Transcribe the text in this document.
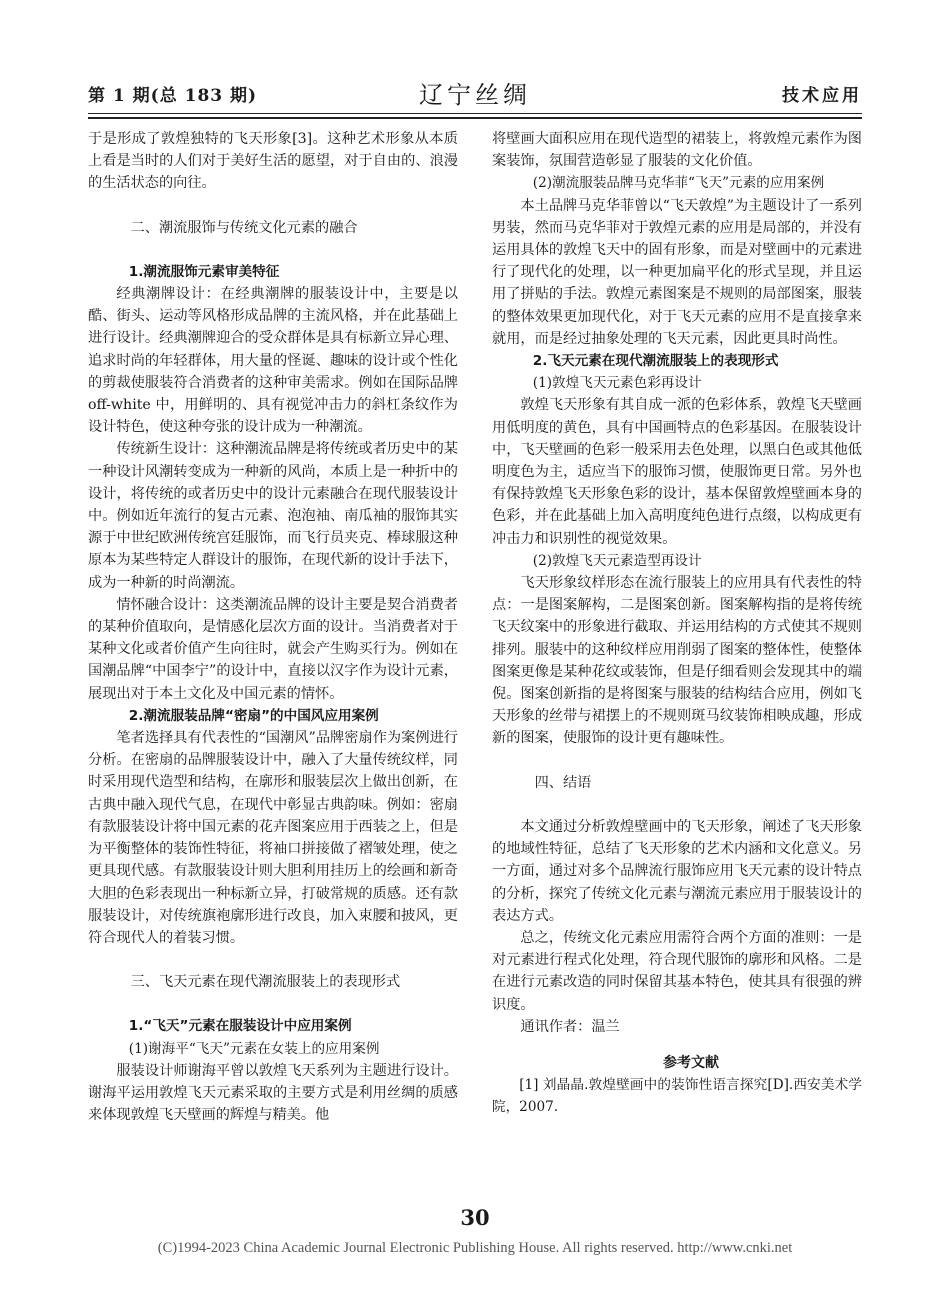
第 1 期(总 183 期)	辽宁丝绸	技术应用

于是形成了敦煌独特的飞天形象[3]。这种艺术形象从本质上看是当时的人们对于美好生活的愿望，对于自由的、浪漫的生活状态的向往。

二、潮流服饰与传统文化元素的融合

1.潮流服饰元素审美特征

经典潮牌设计：在经典潮牌的服装设计中，主要是以酷、街头、运动等风格形成品牌的主流风格，并在此基础上进行设计。经典潮牌迎合的受众群体是具有标新立异心理、追求时尚的年轻群体，用大量的怪诞、趣味的设计或个性化的剪裁使服装符合消费者的这种审美需求。例如在国际品牌 off-white 中，用鲜明的、具有视觉冲击力的斜杠条纹作为设计特色，使这种夸张的设计成为一种潮流。

传统新生设计：这种潮流品牌是将传统或者历史中的某一种设计风潮转变成为一种新的风尚，本质上是一种折中的设计，将传统的或者历史中的设计元素融合在现代服装设计中。例如近年流行的复古元素、泡泡袖、南瓜袖的服饰其实源于中世纪欧洲传统宫廷服饰，而飞行员夹克、棒球服这种原本为某些特定人群设计的服饰，在现代新的设计手法下，成为一种新的时尚潮流。

情怀融合设计：这类潮流品牌的设计主要是契合消费者的某种价值取向，是情感化层次方面的设计。当消费者对于某种文化或者价值产生向往时，就会产生购买行为。例如在国潮品牌“中国李宁”的设计中，直接以汉字作为设计元素，展现出对于本土文化及中国元素的情怀。

2.潮流服装品牌“密扇”的中国风应用案例

笔者选择具有代表性的“国潮风”品牌密扇作为案例进行分析。在密扇的品牌服装设计中，融入了大量传统纹样，同时采用现代造型和结构，在廓形和服装层次上做出创新，在古典中融入现代气息，在现代中彰显古典韵味。例如：密扇有款服装设计将中国元素的花卉图案应用于西装之上，但是为平衡整体的装饰性特征，将袖口拼接做了褶皱处理，使之更具现代感。有款服装设计则大胆利用挂历上的绘画和新奇大胆的色彩表现出一种标新立异，打破常规的质感。还有款服装设计，对传统旗袍廓形进行改良，加入束腰和披风，更符合现代人的着装习惯。

三、飞天元素在现代潮流服装上的表现形式

1.“飞天”元素在服装设计中应用案例

(1)谢海平“飞天”元素在女装上的应用案例

服装设计师谢海平曾以敦煌飞天系列为主题进行设计。谢海平运用敦煌飞天元素采取的主要方式是利用丝绸的质感来体现敦煌飞天壁画的辉煌与精美。他

将壁画大面积应用在现代造型的裙装上，将敦煌元素作为图案装饰，氛围营造彰显了服装的文化价值。

(2)潮流服装品牌马克华菲“飞天”元素的应用案例

本土品牌马克华菲曾以“飞天敦煌”为主题设计了一系列男装，然而马克华菲对于敦煌元素的应用是局部的，并没有运用具体的敦煌飞天中的固有形象，而是对壁画中的元素进行了现代化的处理，以一种更加扁平化的形式呈现，并且运用了拼贴的手法。敦煌元素图案是不规则的局部图案，服装的整体效果更加现代化，对于飞天元素的应用不是直接拿来就用，而是经过抽象处理的飞天元素，因此更具时尚性。

2.飞天元素在现代潮流服装上的表现形式

(1)敦煌飞天元素色彩再设计

敦煌飞天形象有其自成一派的色彩体系，敦煌飞天壁画用低明度的黄色，具有中国画特点的色彩基因。在服装设计中，飞天壁画的色彩一般采用去色处理，以黑白色或其他低明度色为主，适应当下的服饰习惯，使服饰更日常。另外也有保持敦煌飞天形象色彩的设计，基本保留敦煌壁画本身的色彩，并在此基础上加入高明度纯色进行点缀，以构成更有冲击力和识别性的视觉效果。

(2)敦煌飞天元素造型再设计

飞天形象纹样形态在流行服装上的应用具有代表性的特点：一是图案解构，二是图案创新。图案解构指的是将传统飞天纹案中的形象进行截取、并运用结构的方式使其不规则排列。服装中的这种纹样应用削弱了图案的整体性，使整体图案更像是某种花纹或装饰，但是仔细看则会发现其中的端倪。图案创新指的是将图案与服装的结构结合应用，例如飞天形象的丝带与裙摆上的不规则斑马纹装饰相映成趣，形成新的图案，使服饰的设计更有趣味性。

四、结语

本文通过分析敦煌壁画中的飞天形象，阐述了飞天形象的地域性特征，总结了飞天形象的艺术内涵和文化意义。另一方面，通过对多个品牌流行服饰应用飞天元素的设计特点的分析，探究了传统文化元素与潮流元素应用于服装设计的表达方式。

总之，传统文化元素应用需符合两个方面的准则：一是对元素进行程式化处理，符合现代服饰的廓形和风格。二是在进行元素改造的同时保留其基本特色，使其具有很强的辨识度。

通讯作者：温兰

参考文献

[1] 刘晶晶.敦煌壁画中的装饰性语言探究[D].西安美术学院，2007.

30
(C)1994-2023 China Academic Journal Electronic Publishing House. All rights reserved. http://www.cnki.net
